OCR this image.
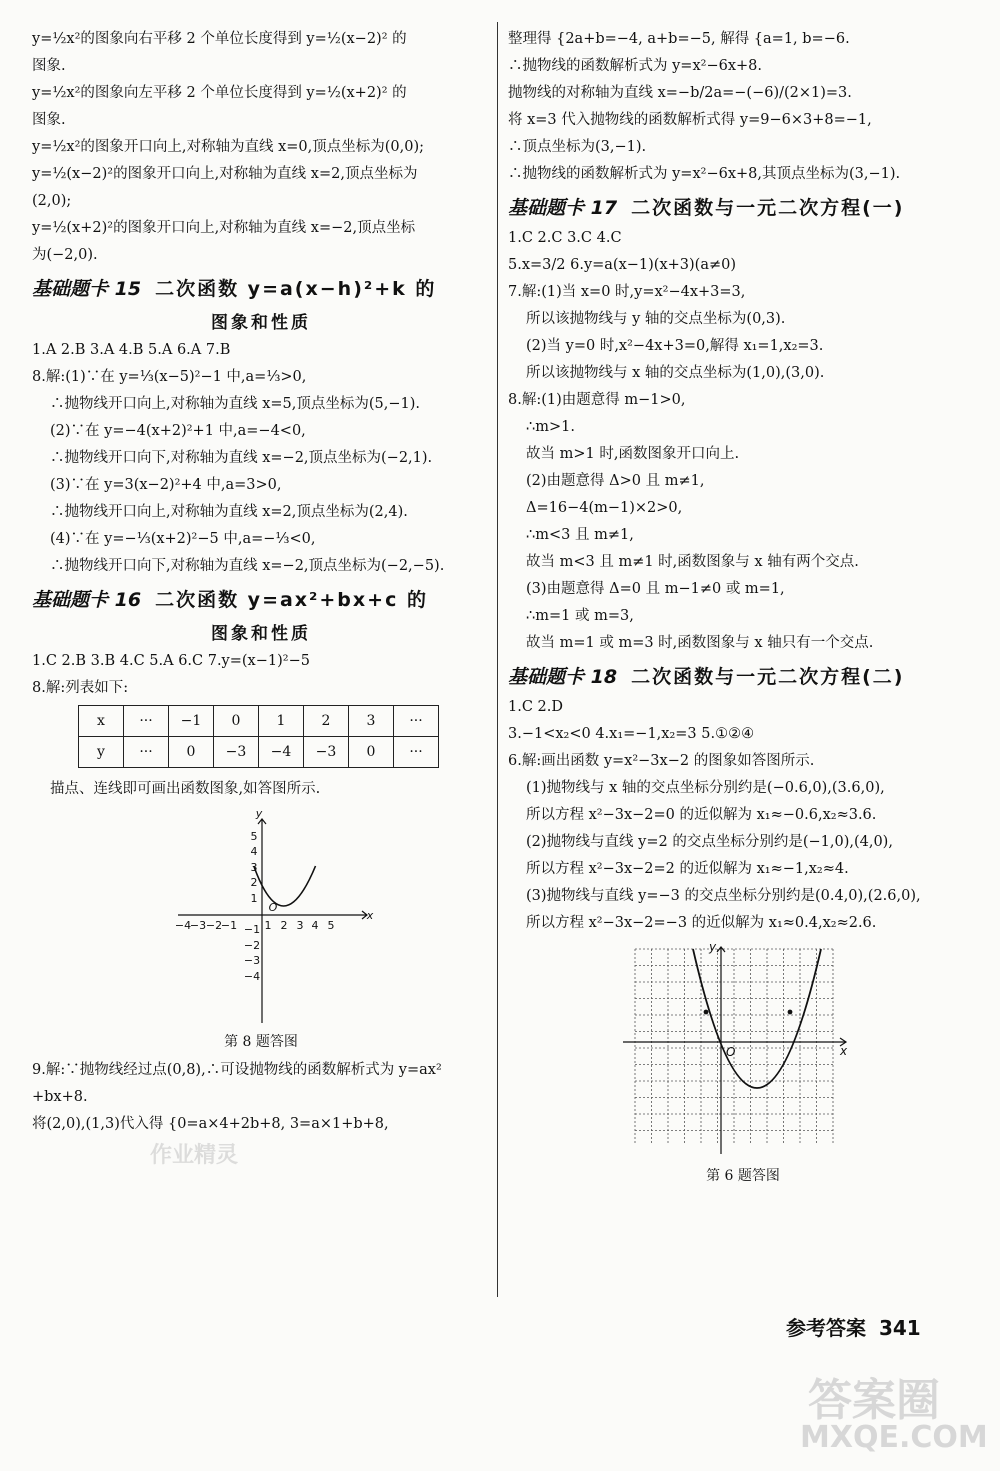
y=½x²的图象向右平移 2 个单位长度得到 y=½(x−2)² 的
图象.
y=½x²的图象向左平移 2 个单位长度得到 y=½(x+2)² 的
图象.
y=½x²的图象开口向上,对称轴为直线 x=0,顶点坐标为(0,0);
y=½(x−2)²的图象开口向上,对称轴为直线 x=2,顶点坐标为
(2,0);
y=½(x+2)²的图象开口向上,对称轴为直线 x=−2,顶点坐标
为(−2,0).
基础题卡 15 二次函数 y=a(x−h)²+k 的
图象和性质
1.A 2.B 3.A 4.B 5.A 6.A 7.B
8.解:(1)∵在 y=⅓(x−5)²−1 中,a=⅓>0,
∴抛物线开口向上,对称轴为直线 x=5,顶点坐标为(5,−1).
(2)∵在 y=−4(x+2)²+1 中,a=−4<0,
∴抛物线开口向下,对称轴为直线 x=−2,顶点坐标为(−2,1).
(3)∵在 y=3(x−2)²+4 中,a=3>0,
∴抛物线开口向上,对称轴为直线 x=2,顶点坐标为(2,4).
(4)∵在 y=−⅓(x+2)²−5 中,a=−⅓<0,
∴抛物线开口向下,对称轴为直线 x=−2,顶点坐标为(−2,−5).
基础题卡 16 二次函数 y=ax²+bx+c 的
图象和性质
1.C 2.B 3.B 4.C 5.A 6.C 7.y=(x−1)²−5
8.解:列表如下:
x	···	−1	0	1	2	3	···
y	···	0	−3	−4	−3	0	···
描点、连线即可画出函数图象,如答图所示.
−4
−3 −2
−1 1 2 3 4 5
5
4
3
2
1
−1
−2
−3
−4
y
x
O
第 8 题答图
9.解:∵抛物线经过点(0,8),∴可设抛物线的函数解析式为 y=ax²
+bx+8.
将(2,0),(1,3)代入得 {0=a×4+2b+8, 3=a×1+b+8,
整理得 {2a+b=−4, a+b=−5, 解得 {a=1, b=−6.
∴抛物线的函数解析式为 y=x²−6x+8.
抛物线的对称轴为直线 x=−b/2a=−(−6)/(2×1)=3.
将 x=3 代入抛物线的函数解析式得 y=9−6×3+8=−1,
∴顶点坐标为(3,−1).
∴抛物线的函数解析式为 y=x²−6x+8,其顶点坐标为(3,−1).
基础题卡 17 二次函数与一元二次方程(一)
1.C 2.C 3.C 4.C
5.x=3/2 6.y=a(x−1)(x+3)(a≠0)
7.解:(1)当 x=0 时,y=x²−4x+3=3,
所以该抛物线与 y 轴的交点坐标为(0,3).
(2)当 y=0 时,x²−4x+3=0,解得 x₁=1,x₂=3.
所以该抛物线与 x 轴的交点坐标为(1,0),(3,0).
8.解:(1)由题意得 m−1>0,
∴m>1.
故当 m>1 时,函数图象开口向上.
(2)由题意得 Δ>0 且 m≠1,
Δ=16−4(m−1)×2>0,
∴m<3 且 m≠1,
故当 m<3 且 m≠1 时,函数图象与 x 轴有两个交点.
(3)由题意得 Δ=0 且 m−1≠0 或 m=1,
∴m=1 或 m=3,
故当 m=1 或 m=3 时,函数图象与 x 轴只有一个交点.
基础题卡 18 二次函数与一元二次方程(二)
1.C 2.D
3.−1<x₂<0 4.x₁=−1,x₂=3 5.①②④
6.解:画出函数 y=x²−3x−2 的图象如答图所示.
(1)抛物线与 x 轴的交点坐标分别约是(−0.6,0),(3.6,0),
所以方程 x²−3x−2=0 的近似解为 x₁≈−0.6,x₂≈3.6.
(2)抛物线与直线 y=2 的交点坐标分别约是(−1,0),(4,0),
所以方程 x²−3x−2=2 的近似解为 x₁≈−1,x₂≈4.
(3)抛物线与直线 y=−3 的交点坐标分别约是(0.4,0),(2.6,0),
所以方程 x²−3x−2=−3 的近似解为 x₁≈0.4,x₂≈2.6.
y
x
O
第 6 题答图
参考答案 341
作业精灵
答案圈
MXQE.COM
